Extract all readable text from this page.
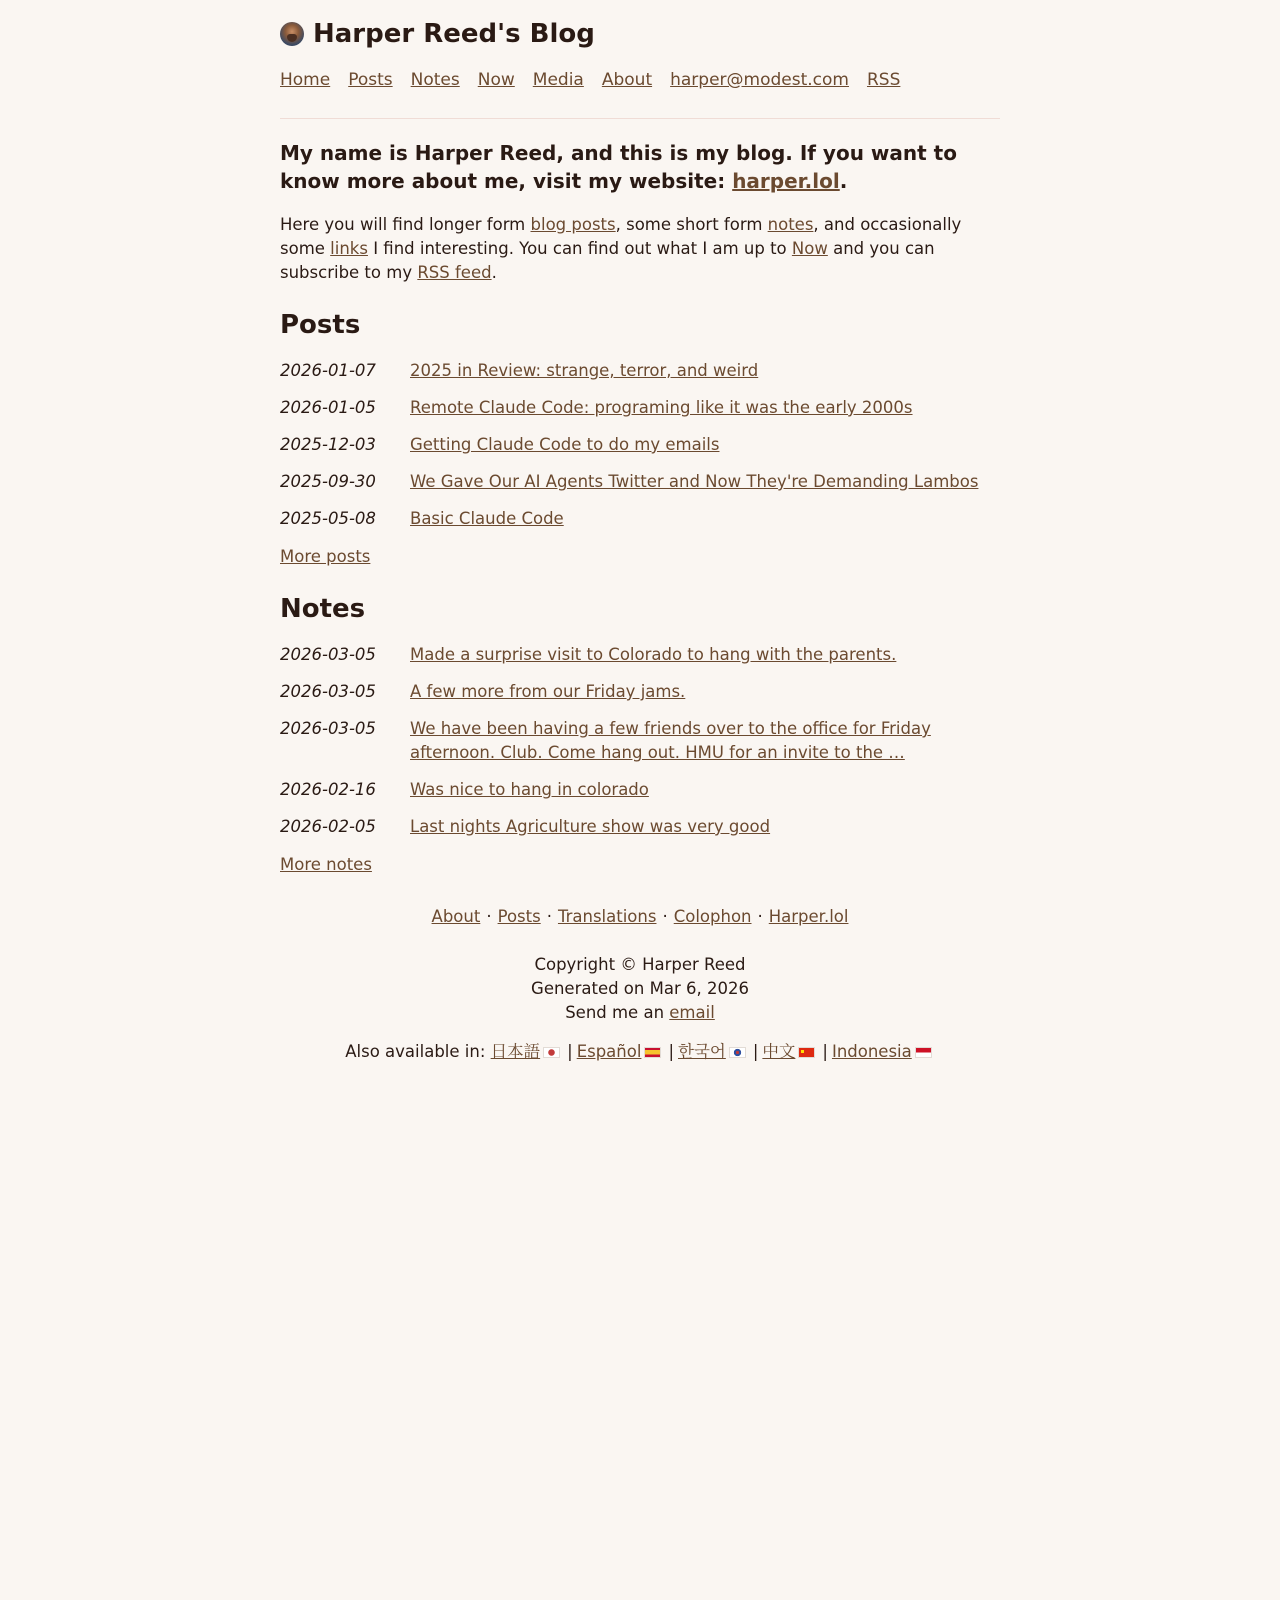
Harper Reed's Blog
Home Posts Notes Now Media About harper@modest.com RSS

My name is Harper Reed, and this is my blog. If you want to know more about me, visit my website: harper.lol.

Here you will find longer form blog posts, some short form notes, and occasionally some links I find interesting. You can find out what I am up to Now and you can subscribe to my RSS feed.

Posts
2026-01-07	2025 in Review: strange, terror, and weird
2026-01-05	Remote Claude Code: programing like it was the early 2000s
2025-12-03	Getting Claude Code to do my emails
2025-09-30	We Gave Our AI Agents Twitter and Now They're Demanding Lambos
2025-05-08	Basic Claude Code
More posts
Notes
2026-03-05	Made a surprise visit to Colorado to hang with the parents.
2026-03-05	A few more from our Friday jams.
2026-03-05	We have been having a few friends over to the office for Friday afternoon. Club. Come hang out. HMU for an invite to the …
2026-02-16	Was nice to hang in colorado
2026-02-05	Last nights Agriculture show was very good
More notes
About · Posts · Translations · Colophon · Harper.lol
Copyright © Harper Reed
Generated on Mar 6, 2026
Send me an email
Also available in: 日本語 | Español | 한국어 | 中文 | Indonesia
